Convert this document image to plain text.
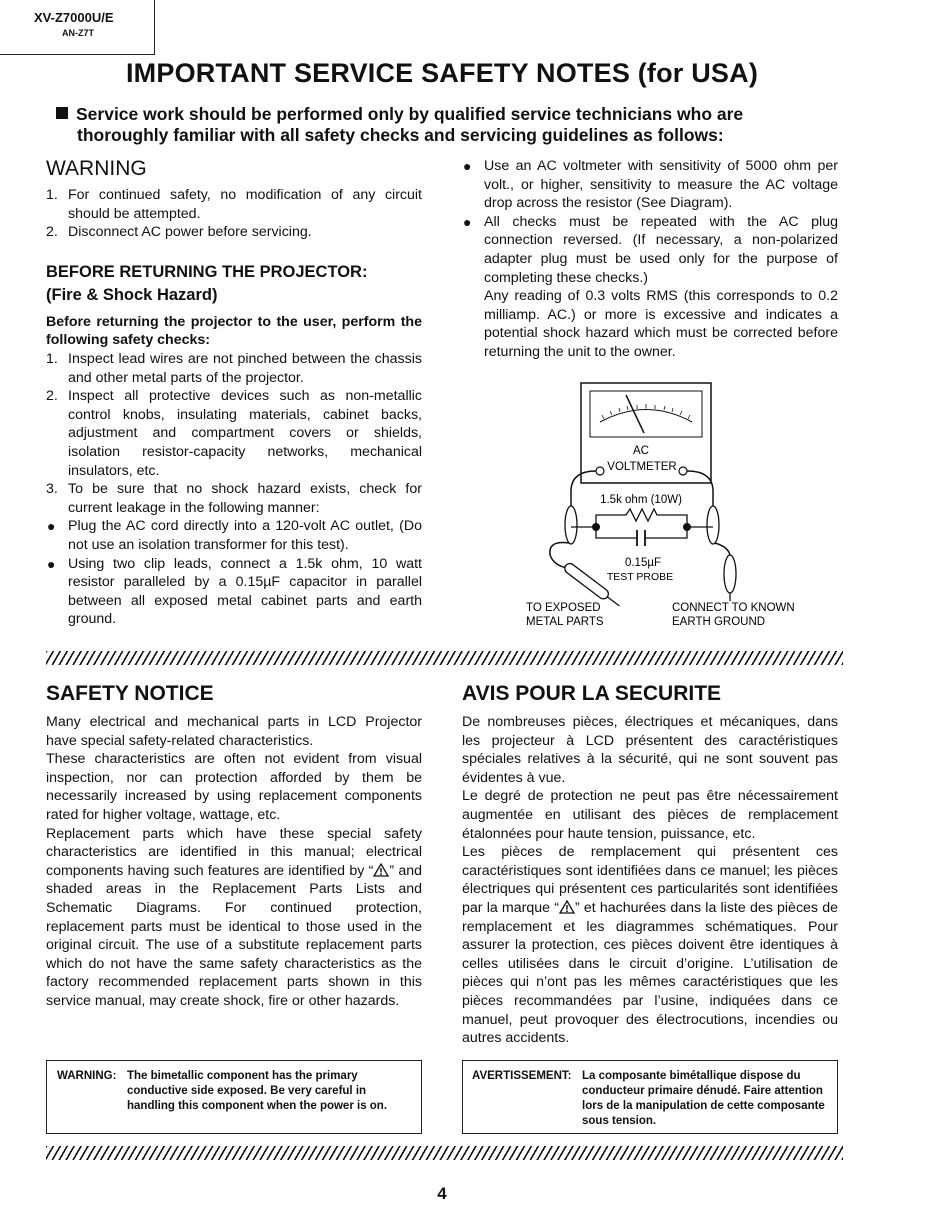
XV-Z7000U/E
AN-Z7T
IMPORTANT SERVICE SAFETY NOTES (for USA)
Service work should be performed only by qualified service technicians who are
thoroughly familiar with all safety checks and servicing guidelines as follows:
WARNING
1. For continued safety, no modification of any circuit should be attempted.
2. Disconnect AC power before servicing.
BEFORE RETURNING THE PROJECTOR:
(Fire & Shock Hazard)
Before returning the projector to the user, perform the following safety checks:
1. Inspect lead wires are not pinched between the chassis and other metal parts of the projector.
2. Inspect all protective devices such as non-metallic control knobs, insulating materials, cabinet backs, adjustment and compartment covers or shields, isolation resistor-capacity networks, mechanical insulators, etc.
3. To be sure that no shock hazard exists, check for current leakage in the following manner:
● Plug the AC cord directly into a 120-volt AC outlet, (Do not use an isolation transformer for this test).
● Using two clip leads, connect a 1.5k ohm, 10 watt resistor paralleled by a 0.15µF capacitor in parallel between all exposed metal cabinet parts and earth ground.
● Use an AC voltmeter with sensitivity of 5000 ohm per volt., or higher, sensitivity to measure the AC voltage drop across the resistor (See Diagram).
● All checks must be repeated with the AC plug connection reversed. (If necessary, a non-polarized adapter plug must be used only for the purpose of completing these checks.)
Any reading of 0.3 volts RMS (this corresponds to 0.2 milliamp. AC.) or more is excessive and indicates a potential shock hazard which must be corrected before returning the unit to the owner.
AC
VOLTMETER
1.5k ohm (10W)
0.15µF
TEST PROBE
TO EXPOSED
METAL PARTS
CONNECT TO KNOWN
EARTH GROUND
SAFETY NOTICE
Many electrical and mechanical parts in LCD Projector have special safety-related characteristics.
These characteristics are often not evident from visual inspection, nor can protection afforded by them be necessarily increased by using replacement components rated for higher voltage, wattage, etc.
Replacement parts which have these special safety characteristics are identified in this manual; electrical components having such features are identified by “ ” and shaded areas in the Replacement Parts Lists and Schematic Diagrams. For continued protection, replacement parts must be identical to those used in the original circuit. The use of a substitute replacement parts which do not have the same safety characteristics as the factory recommended replacement parts shown in this service manual, may create shock, fire or other hazards.
AVIS POUR LA SECURITE
De nombreuses pièces, électriques et mécaniques, dans les projecteur à LCD présentent des caractéristiques spéciales relatives à la sécurité, qui ne sont souvent pas évidentes à vue.
Le degré de protection ne peut pas être nécessairement augmentée en utilisant des pièces de remplacement étalonnées pour haute tension, puissance, etc.
Les pièces de remplacement qui présentent ces caractéristiques sont identifiées dans ce manuel; les pièces électriques qui présentent ces particularités sont identifiées par la marque “ ” et hachurées dans la liste des pièces de remplacement et les diagrammes schématiques. Pour assurer la protection, ces pièces doivent être identiques à celles utilisées dans le circuit d’origine. L’utilisation de pièces qui n’ont pas les mêmes caractéristiques que les pièces recommandées par l’usine, indiquées dans ce manuel, peut provoquer des électrocutions, incendies ou autres accidents.
WARNING: The bimetallic component has the primary conductive side exposed. Be very careful in handling this component when the power is on.
AVERTISSEMENT: La composante bimétallique dispose du conducteur primaire dénudé. Faire attention lors de la manipulation de cette composante sous tension.
4
